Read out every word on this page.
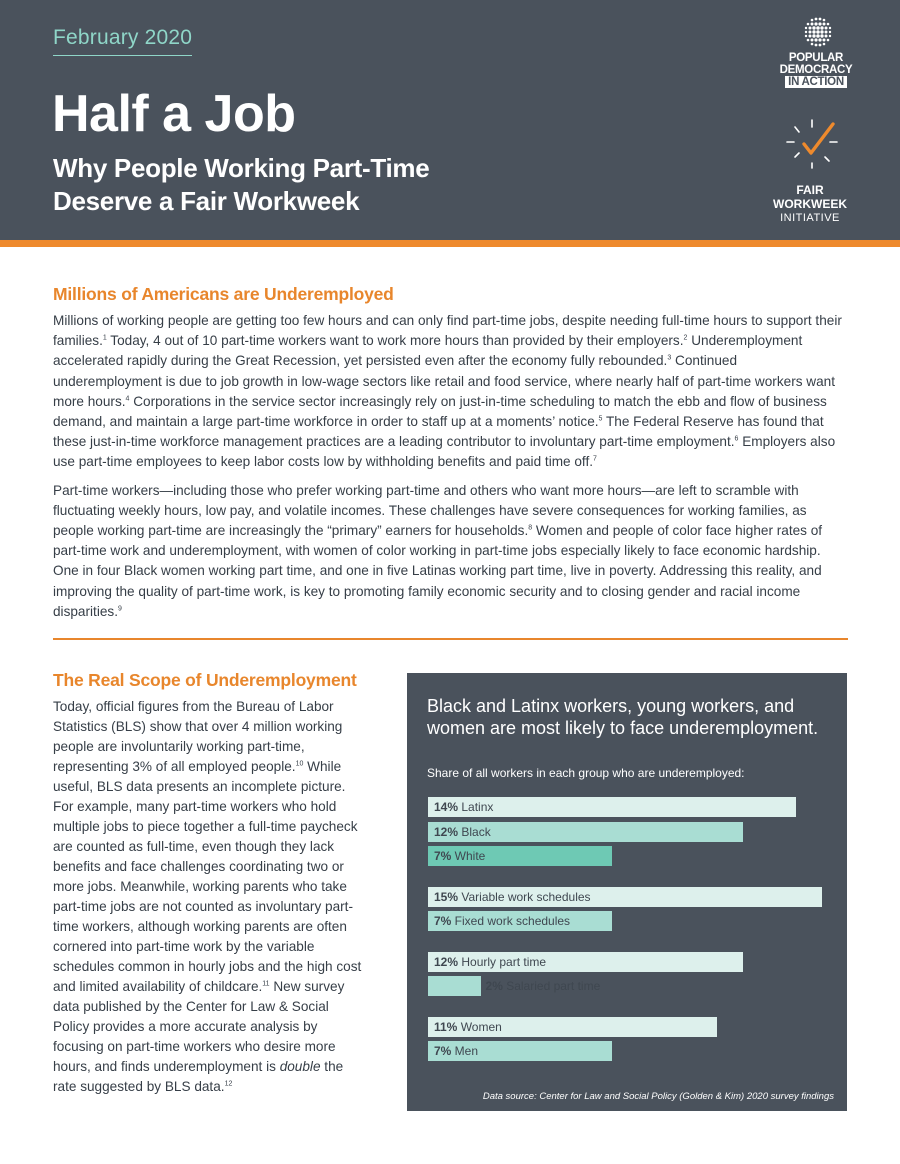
February 2020
Half a Job
Why People Working Part-Time Deserve a Fair Workweek
POPULAR
DEMOCRACY
IN ACTION
FAIR WORKWEEK
INITIATIVE
Millions of Americans are Underemployed

Millions of working people are getting too few hours and can only find part-time jobs, despite needing full-time hours to support their families.$^1$ Today, 4 out of 10 part-time workers want to work more hours than provided by their employers.$^2$ Underemployment accelerated rapidly during the Great Recession, yet persisted even after the economy fully rebounded.$^3$ Continued underemployment is due to job growth in low-wage sectors like retail and food service, where nearly half of part-time workers want more hours.$^4$ Corporations in the service sector increasingly rely on just-in-time scheduling to match the ebb and flow of business demand, and maintain a large part-time workforce in order to staff up at a moments’ notice.$^5$ The Federal Reserve has found that these just-in-time workforce management practices are a leading contributor to involuntary part-time employment.$^6$ Employers also use part-time employees to keep labor costs low by withholding benefits and paid time off.$^7$

Part-time workers—including those who prefer working part-time and others who want more hours—are left to scramble with fluctuating weekly hours, low pay, and volatile incomes. These challenges have severe consequences for working families, as people working part-time are increasingly the “primary” earners for households.$^8$ Women and people of color face higher rates of part-time work and underemployment, with women of color working in part-time jobs especially likely to face economic hardship. One in four Black women working part time, and one in five Latinas working part time, live in poverty. Addressing this reality, and improving the quality of part-time work, is key to promoting family economic security and to closing gender and racial income disparities.$^9$

The Real Scope of Underemployment

Today, official figures from the Bureau of Labor Statistics (BLS) show that over 4 million working people are involuntarily working part-time, representing 3% of all employed people.$^{10}$ While useful, BLS data presents an incomplete picture. For example, many part-time workers who hold multiple jobs to piece together a full-time paycheck are counted as full-time, even though they lack benefits and face challenges coordinating two or more jobs. Meanwhile, working parents who take part-time jobs are not counted as involuntary part-time workers, although working parents are often cornered into part-time work by the variable schedules common in hourly jobs and the high cost and limited availability of childcare.$^{11}$ New survey data published by the Center for Law & Social Policy provides a more accurate analysis by focusing on part-time workers who desire more hours, and finds underemployment is double the rate suggested by BLS data.$^{12}$

Black and Latinx workers, young workers, and women are most likely to face underemployment.
Share of all workers in each group who are underemployed:
14% Latinx
12% Black
7% White
15% Variable work schedules
7% Fixed work schedules
12% Hourly part time
2% Salaried part time
11% Women
7% Men
Data source: Center for Law and Social Policy (Golden & Kim) 2020 survey findings
